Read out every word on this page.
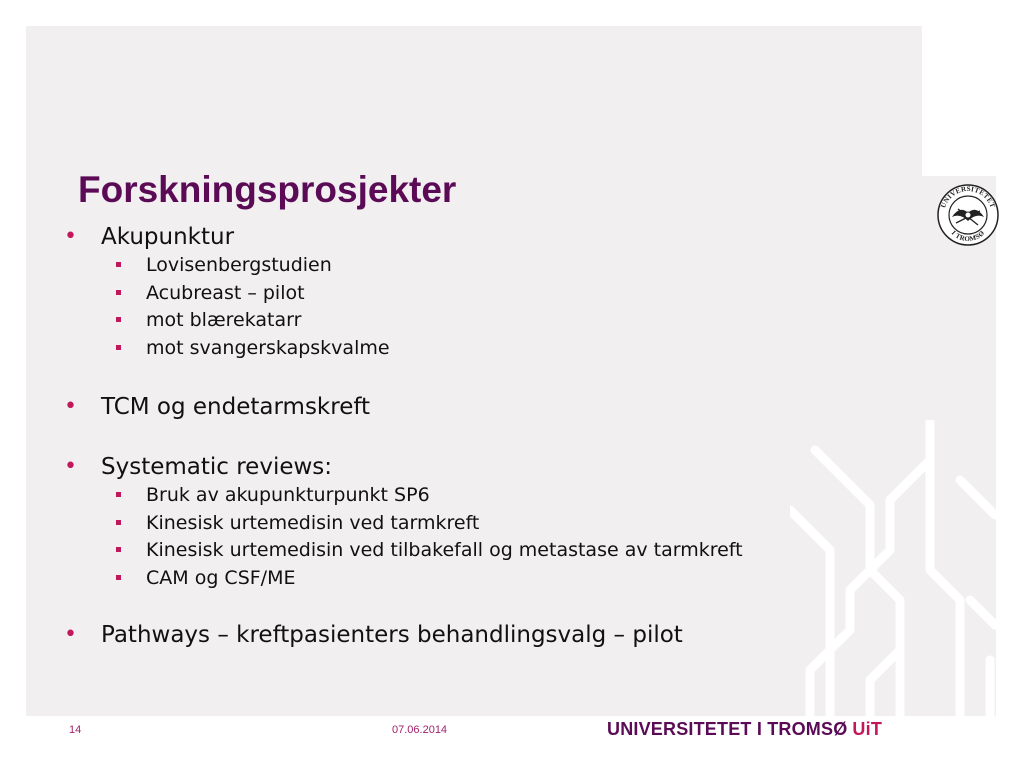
UNIVERSITETET
I TROMSØ
Forskningsprosjekter
• Akupunktur
Lovisenbergstudien
Acubreast – pilot
mot blærekatarr
mot svangerskapskvalme
• TCM og endetarmskreft
• Systematic reviews:
Bruk av akupunkturpunkt SP6
Kinesisk urtemedisin ved tarmkreft
Kinesisk urtemedisin ved tilbakefall og metastase av tarmkreft
CAM og CSF/ME
• Pathways – kreftpasienters behandlingsvalg – pilot
14	07.06.2014	UNIVERSITETET I TROMSØ UiT
